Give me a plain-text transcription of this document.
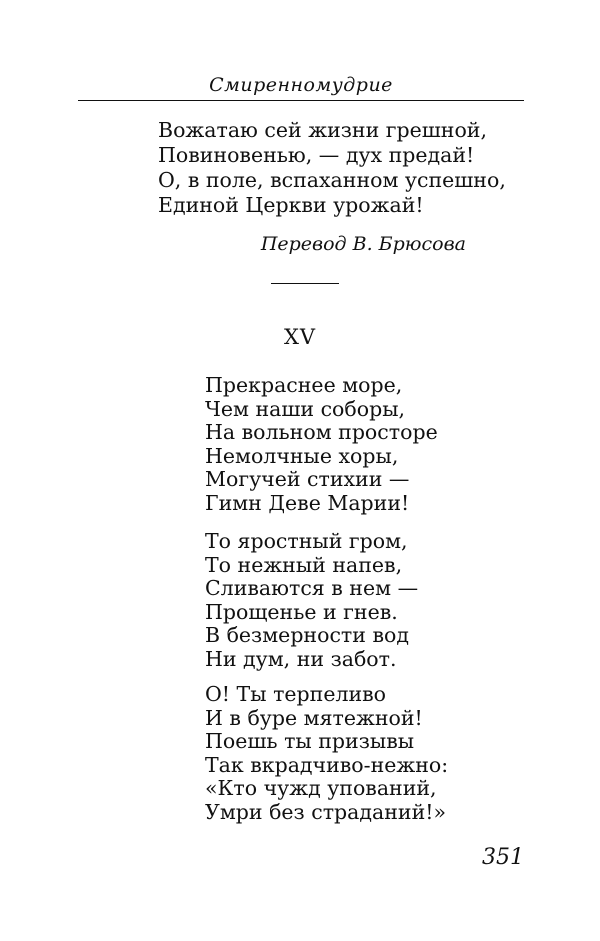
Смиренномудрие
Вожатаю сей жизни грешной,
Повиновенью, — дух предай!
О, в поле, вспаханном успешно,
Единой Церкви урожай!
Перевод В. Брюсова
XV
Прекраснее море,
Чем наши соборы,
На вольном просторе
Немолчные хоры,
Могучей стихии —
Гимн Деве Марии!
То яростный гром,
То нежный напев,
Сливаются в нем —
Прощенье и гнев.
В безмерности вод
Ни дум, ни забот.
О! Ты терпеливо
И в буре мятежной!
Поешь ты призывы
Так вкрадчиво-нежно:
«Кто чужд упований,
Умри без страданий!»
351
